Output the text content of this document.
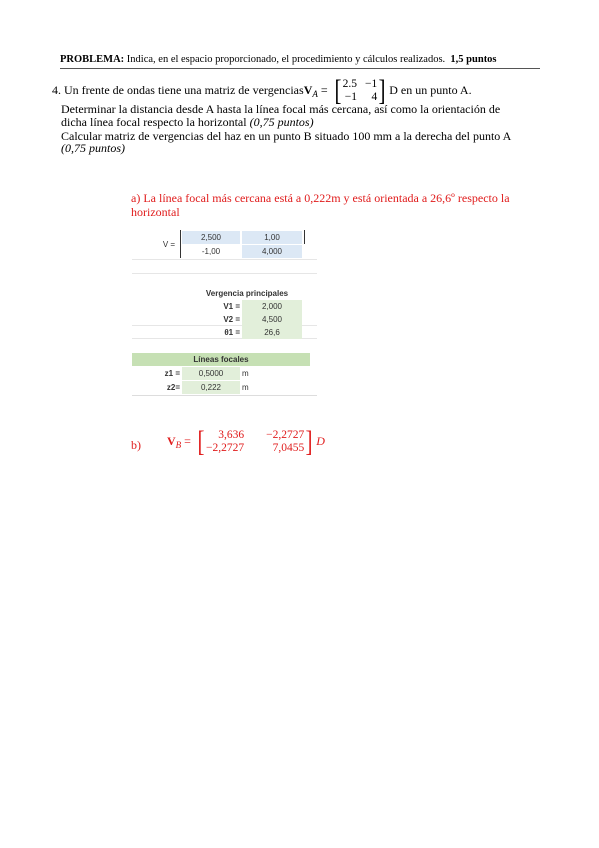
PROBLEMA: Indica, en el espacio proporcionado, el procedimiento y cálculos realizados. 1,5 puntos
4. Un frente de ondas tiene una matriz de vergenciasV$_A$ = [ 2.5 −1
−1	4 ] D en un punto A.
Determinar la distancia desde A hasta la línea focal más cercana, así como la orientación de
dicha línea focal respecto la horizontal (0,75 puntos)
Calcular matriz de vergencias del haz en un punto B situado 100 mm a la derecha del punto A
(0,75 puntos)
a) La línea focal más cercana está a 0,222m y está orientada a 26,6º respecto la horizontal
V =
2,500	1,00
-1,00	4,000
Vergencia principales
V1 =	2,000
V2 =	4,500
θ1 =	26,6
Líneas focales
z1 =	0,5000	m
z2=	0,222	m
b) $V_B$ = [	3,636 −2,2727
−2,2727	7,0455 ] D
